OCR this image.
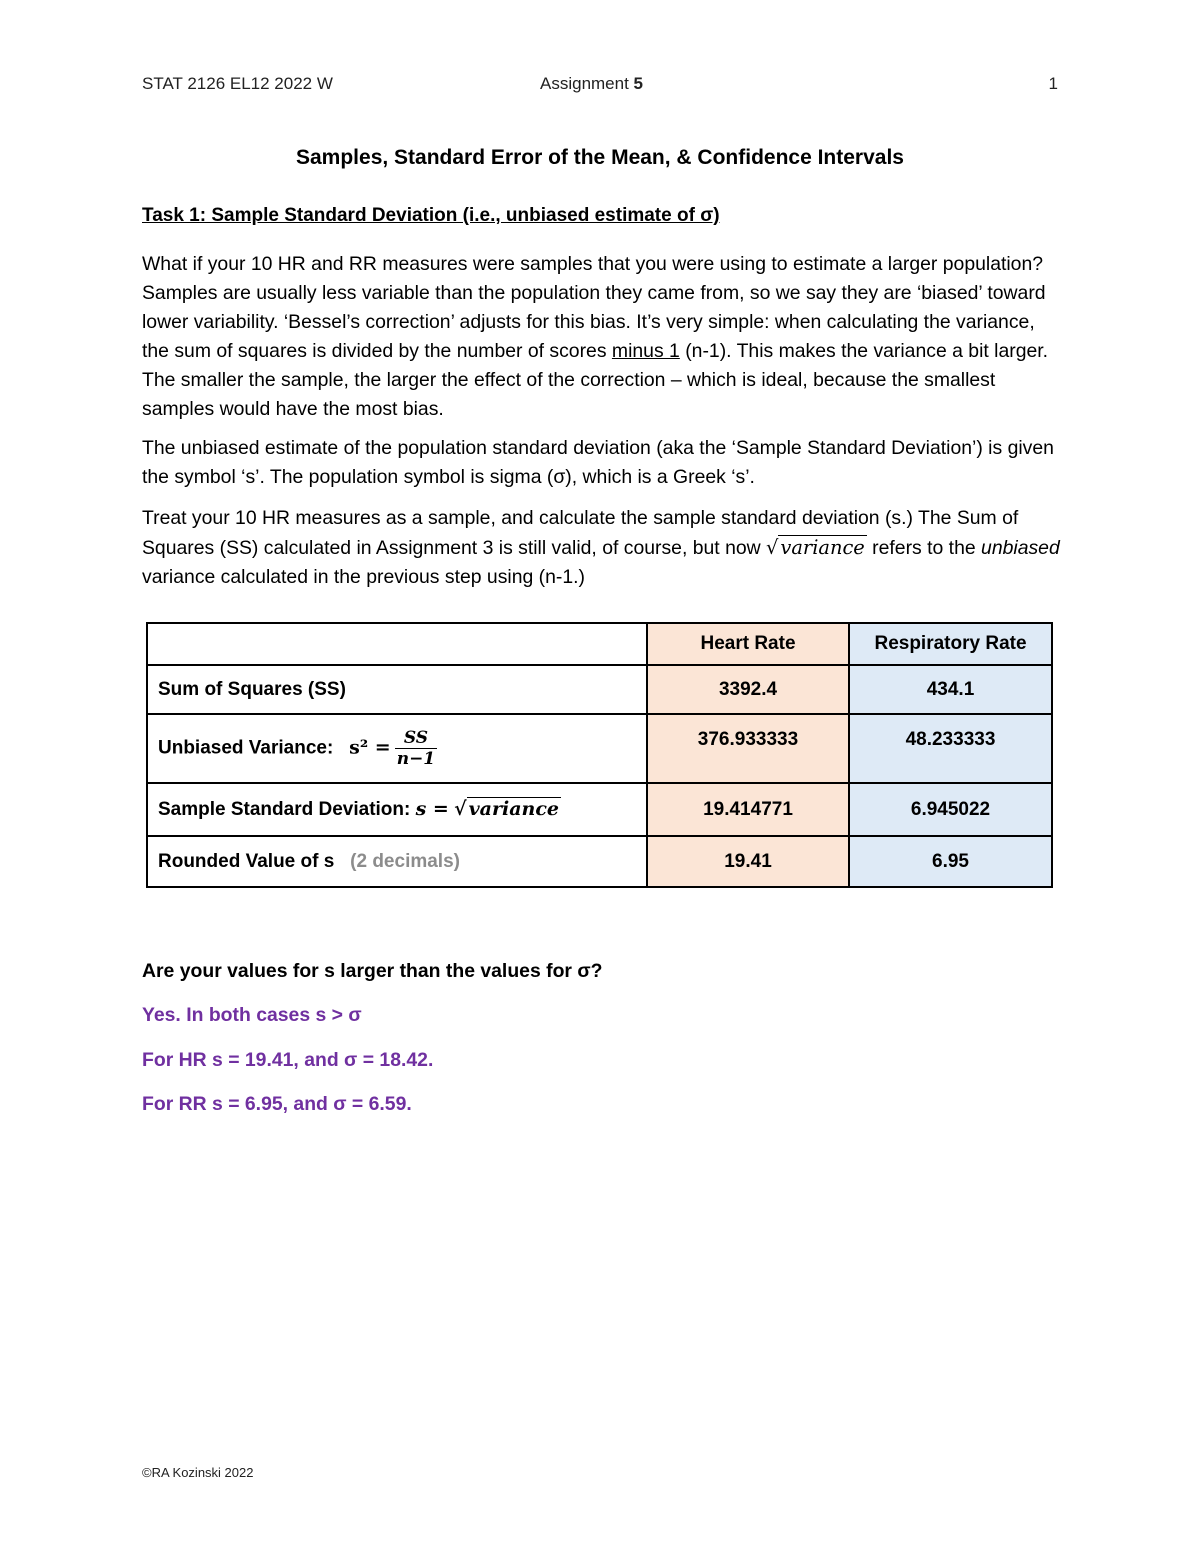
STAT 2126 EL12 2022 W	Assignment 5	1
Samples, Standard Error of the Mean, & Confidence Intervals
Task 1: Sample Standard Deviation (i.e., unbiased estimate of σ)

What if your 10 HR and RR measures were samples that you were using to estimate a larger population? Samples are usually less variable than the population they came from, so we say they are ‘biased’ toward lower variability. ‘Bessel’s correction’ adjusts for this bias. It’s very simple: when calculating the variance, the sum of squares is divided by the number of scores minus 1 (n-1). This makes the variance a bit larger. The smaller the sample, the larger the effect of the correction – which is ideal, because the smallest samples would have the most bias.

The unbiased estimate of the population standard deviation (aka the ‘Sample Standard Deviation’) is given the symbol ‘s’. The population symbol is sigma (σ), which is a Greek ‘s’.

Treat your 10 HR measures as a sample, and calculate the sample standard deviation (s.) The Sum of Squares (SS) calculated in Assignment 3 is still valid, of course, but now √ variance refers to the unbiased variance calculated in the previous step using (n-1.)

	Heart Rate	Respiratory Rate
Sum of Squares (SS)	3392.4	434.1
Unbiased Variance: $s^2 = \frac{SS}{n-1}$	376.933333	48.233333
Sample Standard Deviation: s = √ variance	19.414771	6.945022
Rounded Value of s (2 decimals)	19.41	6.95
Are your values for s larger than the values for σ?
Yes. In both cases s > σ
For HR s = 19.41, and σ = 18.42.
For RR s = 6.95, and σ = 6.59.
©RA Kozinski 2022
